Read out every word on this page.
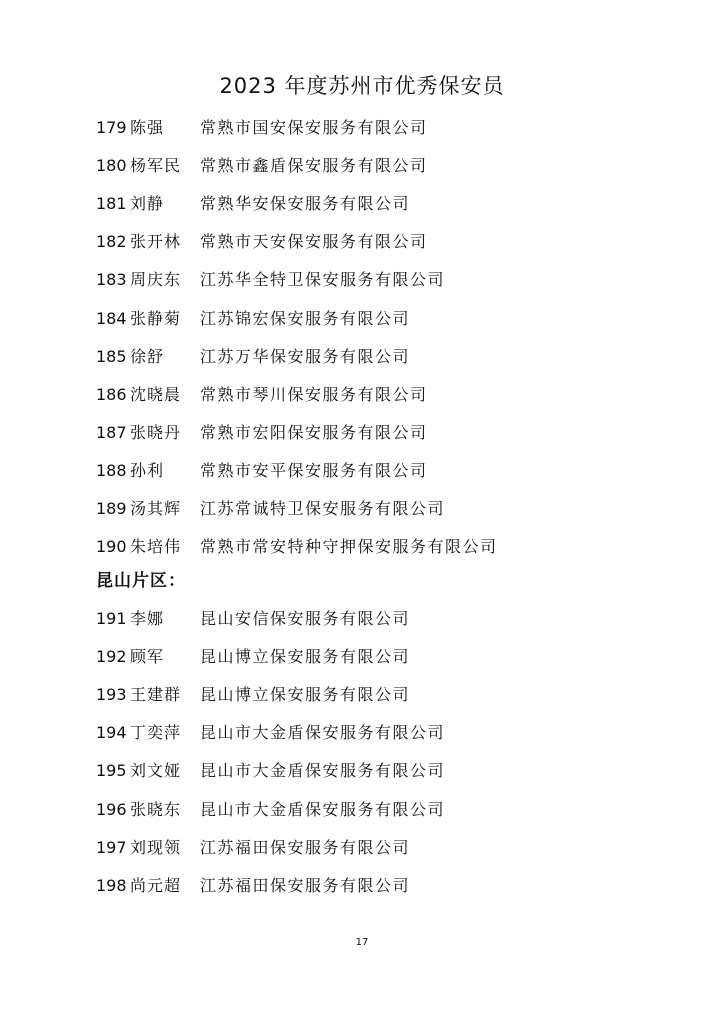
2023 年度苏州市优秀保安员
179 陈强 常熟市国安保安服务有限公司
180 杨军民 常熟市鑫盾保安服务有限公司
181 刘静 常熟华安保安服务有限公司
182 张开林 常熟市天安保安服务有限公司
183 周庆东 江苏华全特卫保安服务有限公司
184 张静菊 江苏锦宏保安服务有限公司
185 徐舒 江苏万华保安服务有限公司
186 沈晓晨 常熟市琴川保安服务有限公司
187 张晓丹 常熟市宏阳保安服务有限公司
188 孙利 常熟市安平保安服务有限公司
189 汤其辉 江苏常诚特卫保安服务有限公司
190 朱培伟 常熟市常安特种守押保安服务有限公司
昆山片区：
191 李娜 昆山安信保安服务有限公司
192 顾军 昆山博立保安服务有限公司
193 王建群 昆山博立保安服务有限公司
194 丁奕萍 昆山市大金盾保安服务有限公司
195 刘文娅 昆山市大金盾保安服务有限公司
196 张晓东 昆山市大金盾保安服务有限公司
197 刘现领 江苏福田保安服务有限公司
198 尚元超 江苏福田保安服务有限公司
17
